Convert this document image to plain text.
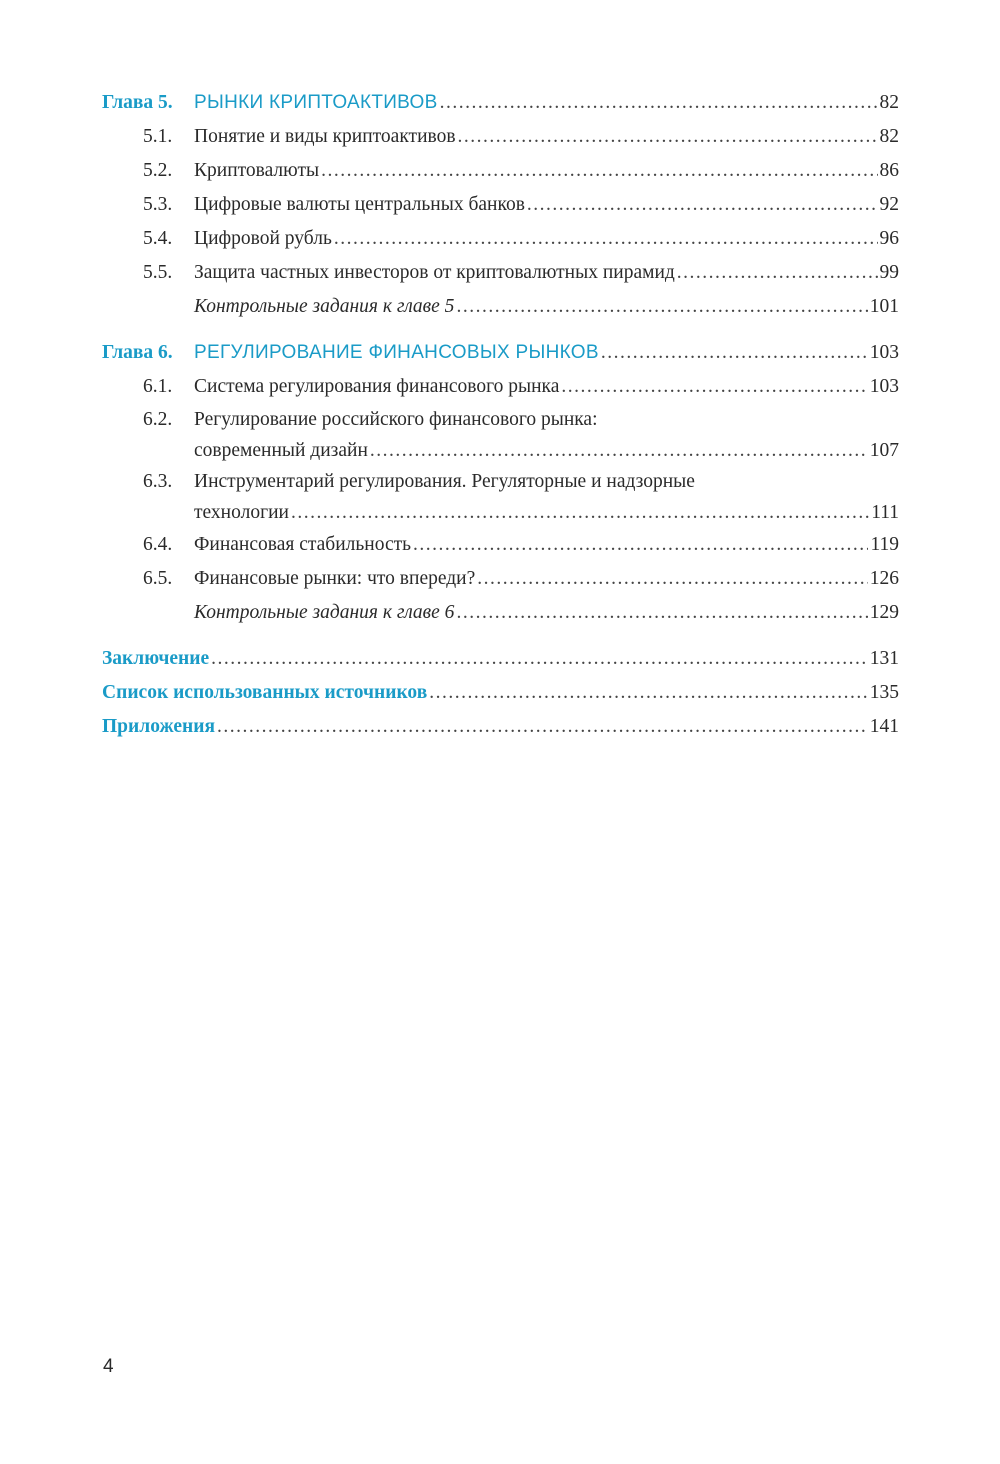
Глава 5.	РЫНКИ КРИПТОАКТИВОВ .....	82
5.1.	Понятие и виды криптоактивов .....	82
5.2.	Криптовалюты .....	86
5.3.	Цифровые валюты центральных банков .....	92
5.4.	Цифровой рубль .....	96
5.5.	Защита частных инвесторов от криптовалютных пирамид .....	99
Контрольные задания к главе 5 .....	101
Глава 6.	РЕГУЛИРОВАНИЕ ФИНАНСОВЫХ РЫНКОВ .....	103
6.1.	Система регулирования финансового рынка .....	103
6.2.	Регулирование российского финансового рынка:
современный дизайн .....	107
6.3.	Инструментарий регулирования. Регуляторные и надзорные
технологии .....	111
6.4.	Финансовая стабильность .....	119
6.5.	Финансовые рынки: что впереди? .....	126
Контрольные задания к главе 6 .....	129
Заключение .....	131
Список использованных источников .....	135
Приложения .....	141
4
